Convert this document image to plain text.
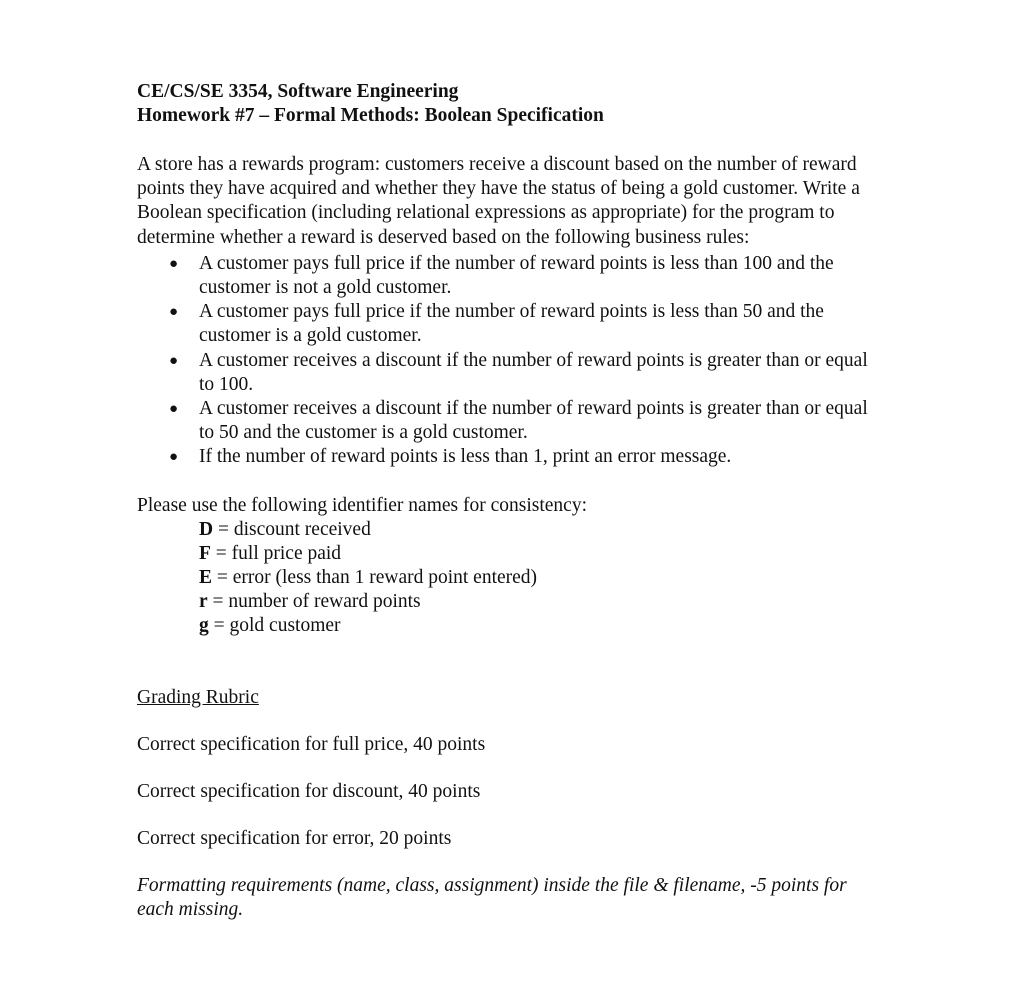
CE/CS/SE 3354, Software Engineering

Homework #7 – Formal Methods: Boolean Specification

A store has a rewards program: customers receive a discount based on the number of reward points they have acquired and whether they have the status of being a gold customer. Write a Boolean specification (including relational expressions as appropriate) for the program to determine whether a reward is deserved based on the following business rules:

● A customer pays full price if the number of reward points is less than 100 and the customer is not a gold customer.
● A customer pays full price if the number of reward points is less than 50 and the customer is a gold customer.
● A customer receives a discount if the number of reward points is greater than or equal to 100.
● A customer receives a discount if the number of reward points is greater than or equal to 50 and the customer is a gold customer.
● If the number of reward points is less than 1, print an error message.

Please use the following identifier names for consistency:

D = discount received
F = full price paid
E = error (less than 1 reward point entered)
r = number of reward points
g = gold customer

Grading Rubric

Correct specification for full price, 40 points

Correct specification for discount, 40 points

Correct specification for error, 20 points

Formatting requirements (name, class, assignment) inside the file & filename, -5 points for each missing.
